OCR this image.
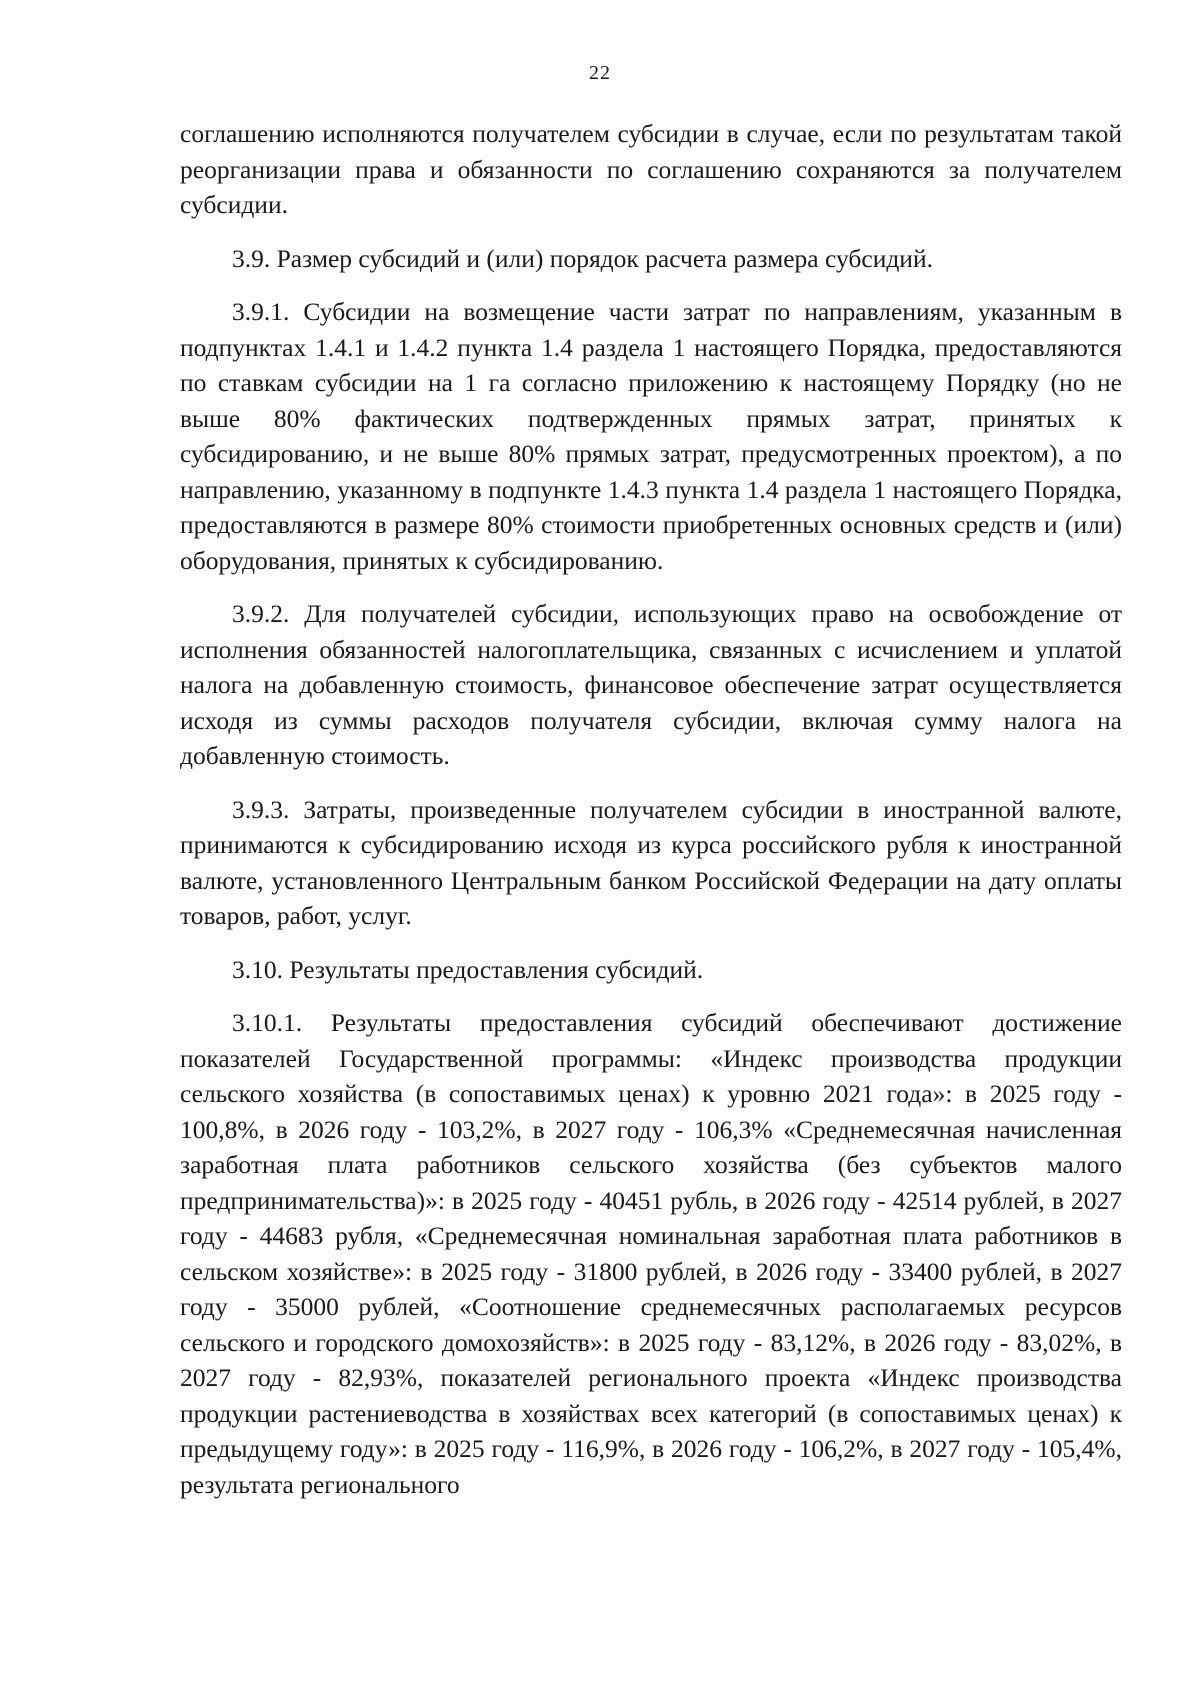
22

соглашению исполняются получателем субсидии в случае, если по результатам такой реорганизации права и обязанности по соглашению сохраняются за получателем субсидии.

3.9. Размер субсидий и (или) порядок расчета размера субсидий.

3.9.1. Субсидии на возмещение части затрат по направлениям, указанным в подпунктах 1.4.1 и 1.4.2 пункта 1.4 раздела 1 настоящего Порядка, предоставляются по ставкам субсидии на 1 га согласно приложению к настоящему Порядку (но не выше 80% фактических подтвержденных прямых затрат, принятых к субсидированию, и не выше 80% прямых затрат, предусмотренных проектом), а по направлению, указанному в подпункте 1.4.3 пункта 1.4 раздела 1 настоящего Порядка, предоставляются в размере 80% стоимости приобретенных основных средств и (или) оборудования, принятых к субсидированию.

3.9.2. Для получателей субсидии, использующих право на освобождение от исполнения обязанностей налогоплательщика, связанных с исчислением и уплатой налога на добавленную стоимость, финансовое обеспечение затрат осуществляется исходя из суммы расходов получателя субсидии, включая сумму налога на добавленную стоимость.

3.9.3. Затраты, произведенные получателем субсидии в иностранной валюте, принимаются к субсидированию исходя из курса российского рубля к иностранной валюте, установленного Центральным банком Российской Федерации на дату оплаты товаров, работ, услуг.

3.10. Результаты предоставления субсидий.

3.10.1. Результаты предоставления субсидий обеспечивают достижение показателей Государственной программы: «Индекс производства продукции сельского хозяйства (в сопоставимых ценах) к уровню 2021 года»: в 2025 году - 100,8%, в 2026 году - 103,2%, в 2027 году - 106,3% «Среднемесячная начисленная заработная плата работников сельского хозяйства (без субъектов малого предпринимательства)»: в 2025 году - 40451 рубль, в 2026 году - 42514 рублей, в 2027 году - 44683 рубля, «Среднемесячная номинальная заработная плата работников в сельском хозяйстве»: в 2025 году - 31800 рублей, в 2026 году - 33400 рублей, в 2027 году - 35000 рублей, «Соотношение среднемесячных располагаемых ресурсов сельского и городского домохозяйств»: в 2025 году - 83,12%, в 2026 году - 83,02%, в 2027 году - 82,93%, показателей регионального проекта «Индекс производства продукции растениеводства в хозяйствах всех категорий (в сопоставимых ценах) к предыдущему году»: в 2025 году - 116,9%, в 2026 году - 106,2%, в 2027 году - 105,4%, результата регионального
